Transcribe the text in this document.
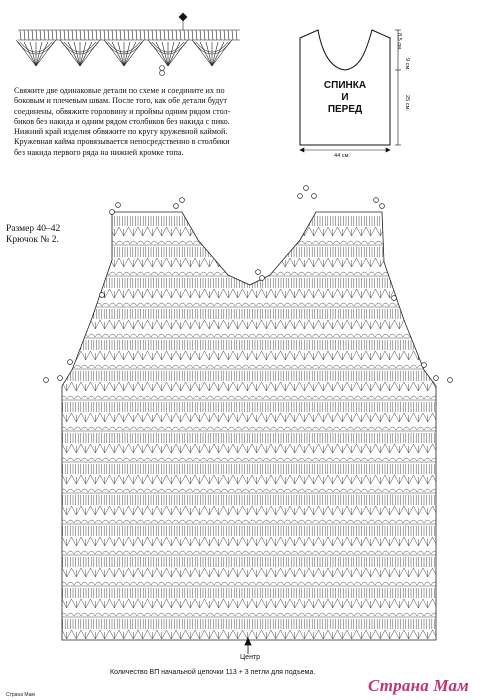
Свяжите две одинаковые детали по схеме и соедините их по

боковым и плечевым швам. После того, как обе детали будут

соединены, обвяжите горловину и проймы одним рядом стол-

биков без накида и одним рядом столбиков без накида с пико.

Нижний край изделия обвяжите по кругу кружевной каймой.

Кружевная кайма провязывается непосредственно в столбики

без накида первого ряда на нижней кромке топа.

Размер 40–42
Крючок № 2.
СПИНКА
И
ПЕРЕД
44 см.
8,5 см.
9 см.
25 см.
Центр
Количество ВП начальной цепочки 113 + 3 петли для подъема.
Страна Мам	Страна Мам
